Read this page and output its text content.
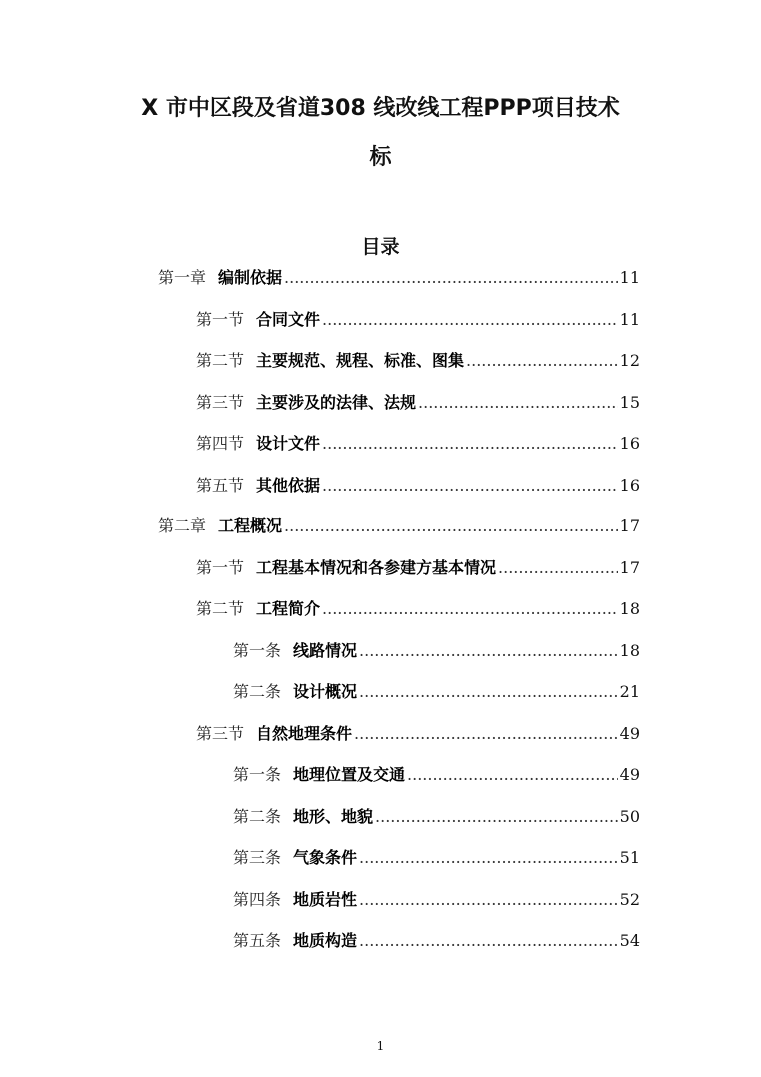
X 市中区段及省道308 线改线工程PPP项目技术
标
目录
第一章 编制依据 .....	11
第一节 合同文件 .....	11
第二节 主要规范、规程、标准、图集 .....	12
第三节 主要涉及的法律、法规 .....	15
第四节 设计文件 .....	16
第五节 其他依据 .....	16
第二章 工程概况 .....	17
第一节 工程基本情况和各参建方基本情况 .....	17
第二节 工程简介 .....	18
第一条 线路情况 .....	18
第二条 设计概况 .....	21
第三节 自然地理条件 .....	49
第一条 地理位置及交通 .....	49
第二条 地形、地貌 .....	50
第三条 气象条件 .....	51
第四条 地质岩性 .....	52
第五条 地质构造 .....	54
1
